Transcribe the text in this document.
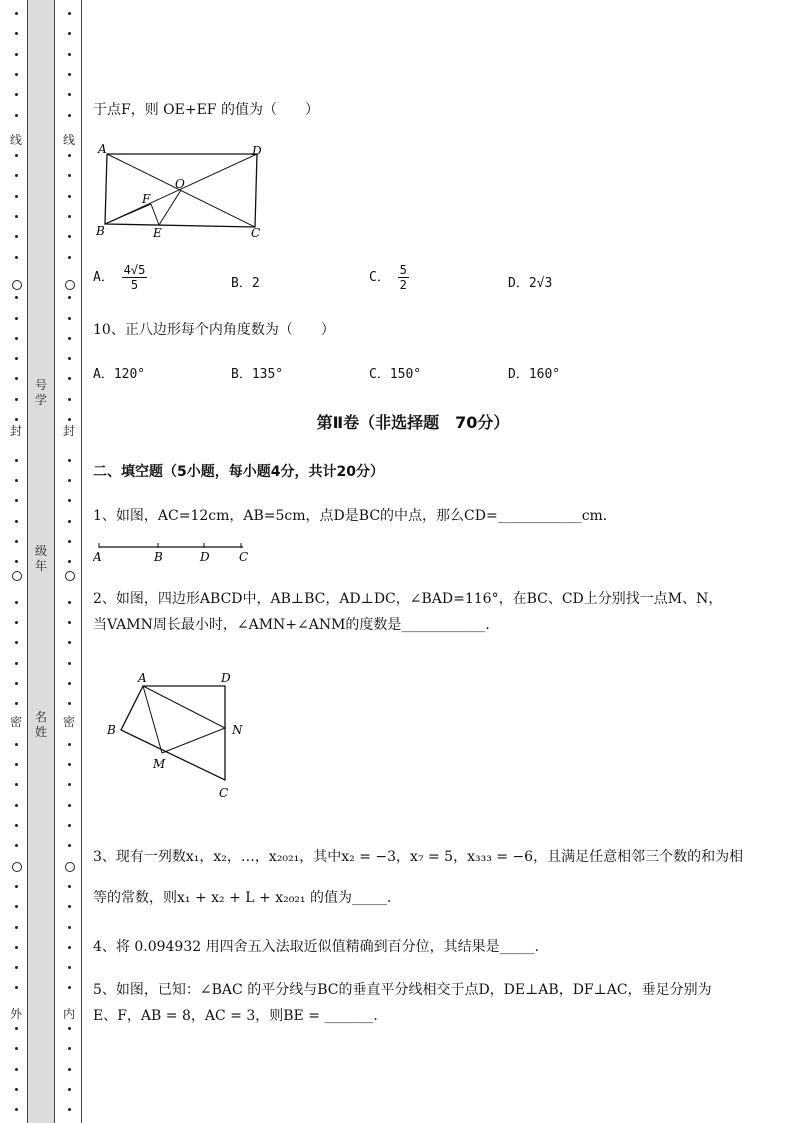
号学
级年
名姓
线
封
密
外
线
封
密
内
于点F，则 OE+EF 的值为（　　）
A	D
O
F
B	E	C
A． $\frac{4√5}{5}$	B．2	C． $\frac{5}{2}$	D．2√3
10、正八边形每个内角度数为（　　）
A．120°	B．135°	C．150°	D．160°
第Ⅱ卷（非选择题　70分）
二、填空题（5小题，每小题4分，共计20分）
1、如图，AC=12cm，AB=5cm，点D是BC的中点，那么CD=____________cm．
A	B	D C
2、如图，四边形ABCD中，AB⊥BC，AD⊥DC，∠BAD=116°，在BC、CD上分别找一点M、N，
当VAMN周长最小时，∠AMN+∠ANM的度数是____________．
A	D
B	N
M
C
3、现有一列数x₁，x₂，…，x₂₀₂₁，其中x₂ = −3，x₇ = 5，x₃₃₃ = −6，且满足任意相邻三个数的和为相
等的常数，则x₁ + x₂ + L + x₂₀₂₁ 的值为_____．
4、将 0.094932 用四舍五入法取近似值精确到百分位，其结果是_____．
5、如图，已知：∠BAC 的平分线与BC的垂直平分线相交于点D，DE⊥AB，DF⊥AC，垂足分别为
E、F，AB = 8，AC = 3，则BE = _______．
